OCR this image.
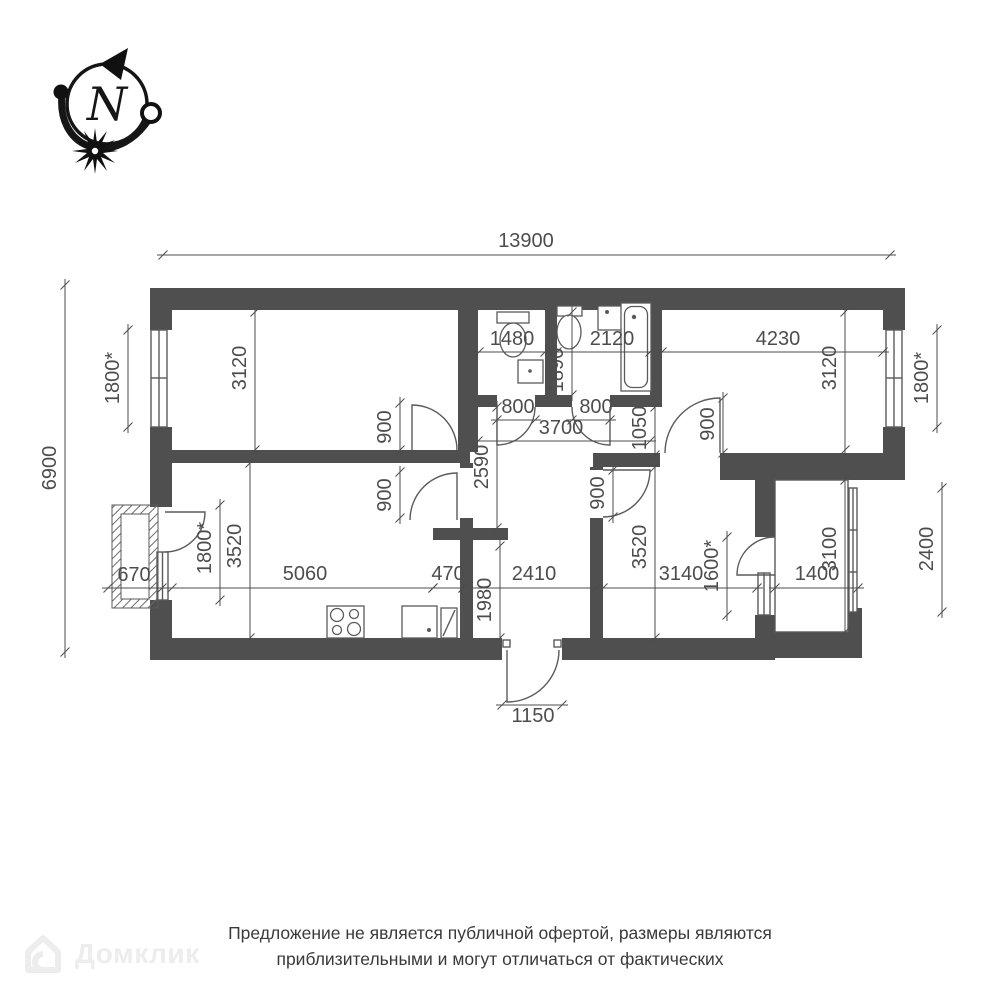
N
13900
6900
1800*	3120
1480	2120
1890
4230
3120	1800*
900
800 800
3700 1050 900
2590
900	900
3520
3520
1800*
670	5060	470 2410
1980
3140
1600*	1400
3100	2400
1150
Предложение не является публичной офертой, размеры являются
приблизительными и могут отличаться от фактических
Домклик
